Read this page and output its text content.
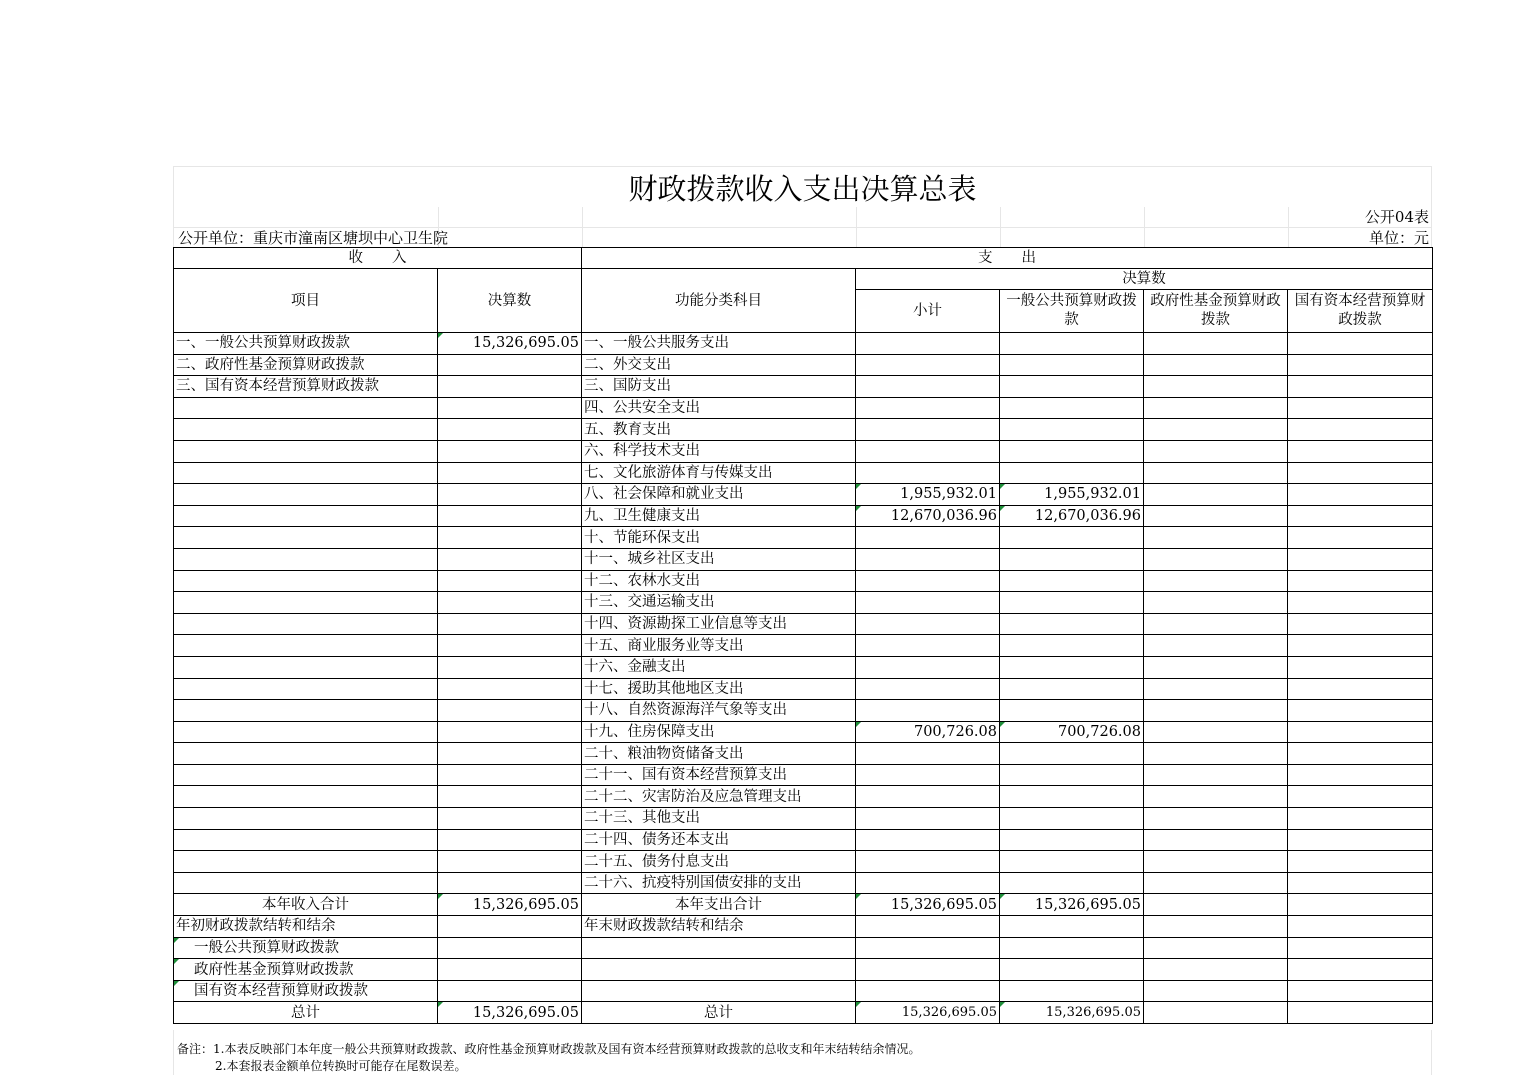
财政拨款收入支出决算总表
公开04表
公开单位：重庆市潼南区塘坝中心卫生院	单位：元
收　　入		支　　出				
项目	决算数	功能分类科目	决算数			
			小计	一般公共预算财政拨款	政府性基金预算财政拨款	国有资本经营预算财政拨款
一、一般公共预算财政拨款	15,326,695.05	一、一般公共服务支出				
二、政府性基金预算财政拨款		二、外交支出				
三、国有资本经营预算财政拨款		三、国防支出				
		四、公共安全支出				
		五、教育支出				
		六、科学技术支出				
		七、文化旅游体育与传媒支出				
		八、社会保障和就业支出	1,955,932.01	1,955,932.01		
		九、卫生健康支出	12,670,036.96	12,670,036.96		
		十、节能环保支出				
		十一、城乡社区支出				
		十二、农林水支出				
		十三、交通运输支出				
		十四、资源勘探工业信息等支出				
		十五、商业服务业等支出				
		十六、金融支出				
		十七、援助其他地区支出				
		十八、自然资源海洋气象等支出				
		十九、住房保障支出	700,726.08	700,726.08		
		二十、粮油物资储备支出				
		二十一、国有资本经营预算支出				
		二十二、灾害防治及应急管理支出				
		二十三、其他支出				
		二十四、债务还本支出				
		二十五、债务付息支出				
		二十六、抗疫特别国债安排的支出				
本年收入合计	15,326,695.05	本年支出合计	15,326,695.05	15,326,695.05		
年初财政拨款结转和结余		年末财政拨款结转和结余				
一般公共预算财政拨款						
政府性基金预算财政拨款						
国有资本经营预算财政拨款						
总计	15,326,695.05	总计	15,326,695.05	15,326,695.05		
备注：1.本表反映部门本年度一般公共预算财政拨款、政府性基金预算财政拨款及国有资本经营预算财政拨款的总收支和年末结转结余情况。
2.本套报表金额单位转换时可能存在尾数误差。
